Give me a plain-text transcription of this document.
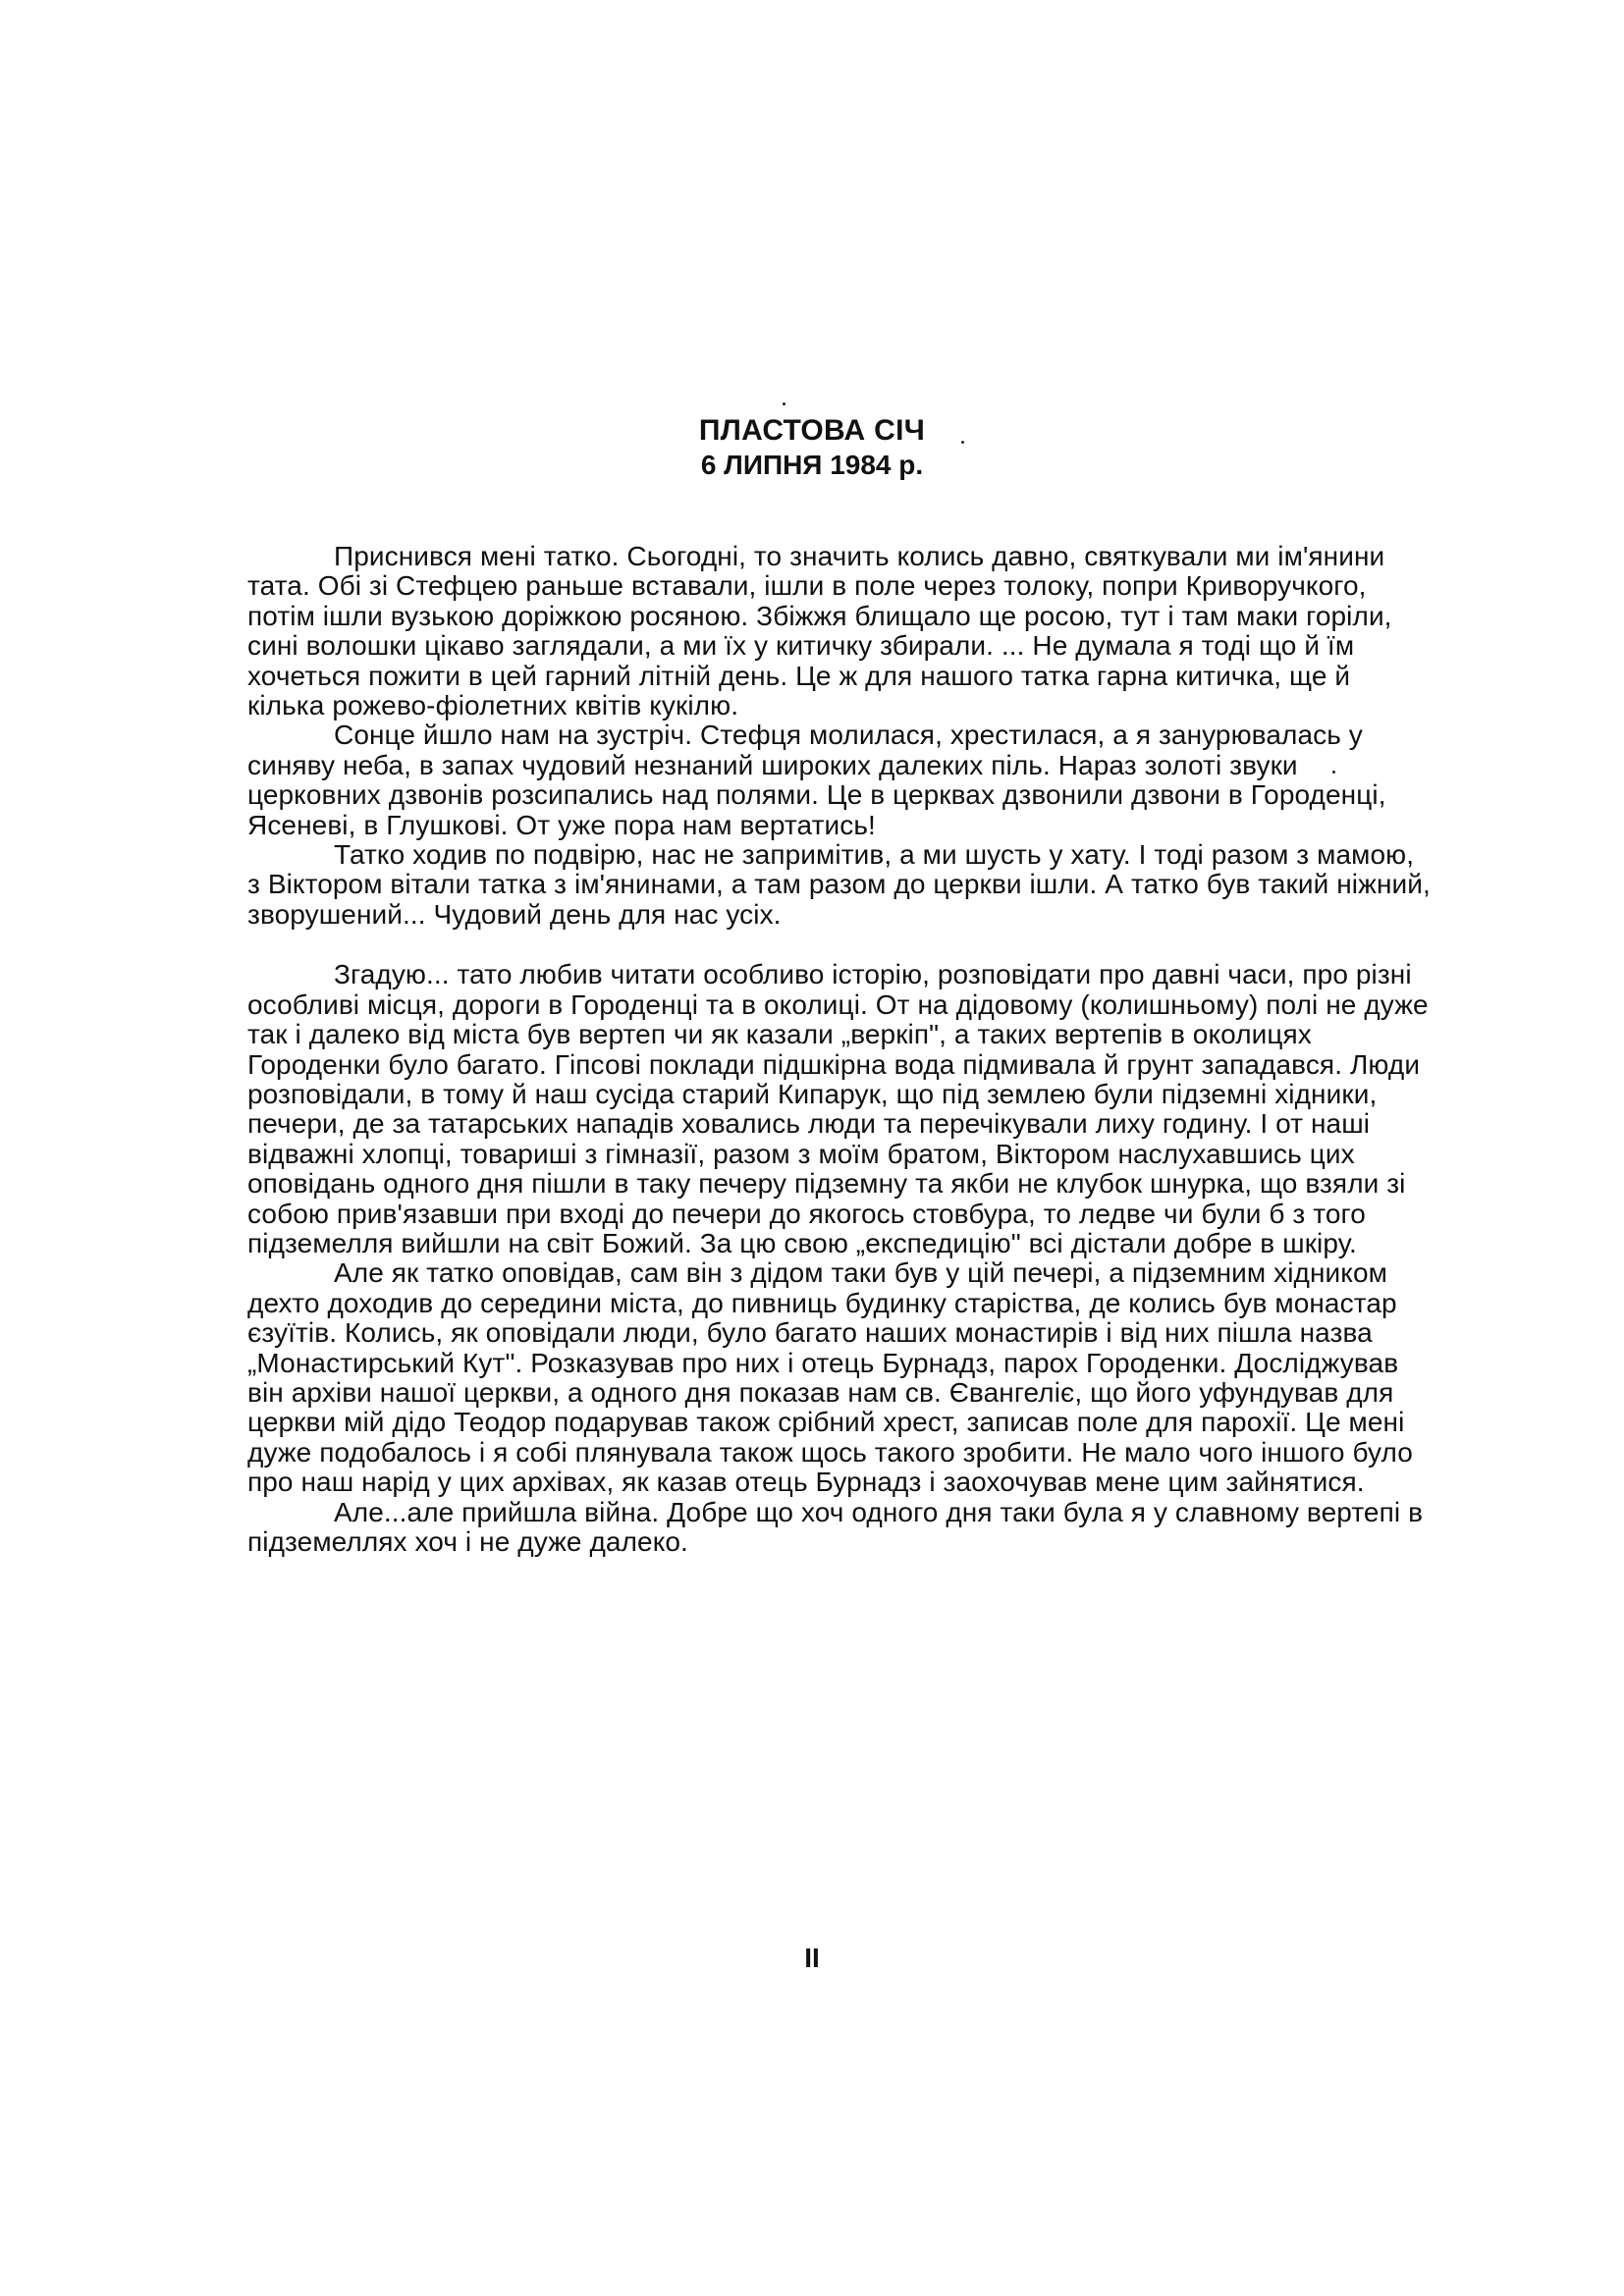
ПЛАСТОВА СІЧ
6 ЛИПНЯ 1984 р.

Приснився мені татко. Сьогодні, то значить колись давно, святкували ми ім'янини тата. Обі зі Стефцею раньше вставали, ішли в поле через толоку, попри Криворучкого, потім ішли вузькою доріжкою росяною. Збіжжя блищало ще росою, тут і там маки горіли, сині волошки цікаво заглядали, а ми їх у китичку збирали. ... Не думала я тоді що й їм хочеться пожити в цей гарний літній день. Це ж для нашого татка гарна китичка, ще й кілька рожево-фіолетних квітів кукілю.

Сонце йшло нам на зустріч. Стефця молилася, хрестилася, а я занурювалась у синяву неба, в запах чудовий незнаний широких далеких піль. Нараз золоті звуки церковних дзвонів розсипались над полями. Це в церквах дзвонили дзвони в Городенці, Ясеневі, в Глушкові. От уже пора нам вертатись!

Татко ходив по подвірю, нас не запримітив, а ми шусть у хату. І тоді разом з мамою, з Віктором вітали татка з ім'янинами, а там разом до церкви ішли. А татко був такий ніжний, зворушений... Чудовий день для нас усіх.

Згадую... тато любив читати особливо історію, розповідати про давні часи, про різні особливі місця, дороги в Городенці та в околиці. От на дідовому (колишньому) полі не дуже так і далеко від міста був вертеп чи як казали „веркіп", а таких вертепів в околицях Городенки було багато. Гіпсові поклади підшкірна вода підмивала й грунт западався. Люди розповідали, в тому й наш сусіда старий Кипарук, що під землею були підземні хідники, печери, де за татарських нападів ховались люди та перечікували лиху годину. І от наші відважні хлопці, товариші з гімназії, разом з моїм братом, Віктором наслухавшись цих оповідань одного дня пішли в таку печеру підземну та якби не клубок шнурка, що взяли зі собою прив'язавши при вході до печери до якогось стовбура, то ледве чи були б з того підземелля вийшли на світ Божий. За цю свою „експедицію" всі дістали добре в шкіру.

Але як татко оповідав, сам він з дідом таки був у цій печері, а підземним хідником дехто доходив до середини міста, до пивниць будинку старіства, де колись був монастар єзуїтів. Колись, як оповідали люди, було багато наших монастирів і від них пішла назва „Монастирський Кут". Розказував про них і отець Бурнадз, парох Городенки. Досліджував він архіви нашої церкви, а одного дня показав нам св. Євангеліє, що його уфундував для церкви мій дідо Теодор подарував також срібний хрест, записав поле для парохії. Це мені дуже подобалось і я собі плянувала також щось такого зробити. Не мало чого іншого було про наш нарід у цих архівах, як казав отець Бурнадз і заохочував мене цим зайнятися.

Але...але прийшла війна. Добре що хоч одного дня таки була я у славному вертепі в підземеллях хоч і не дуже далеко.

II
